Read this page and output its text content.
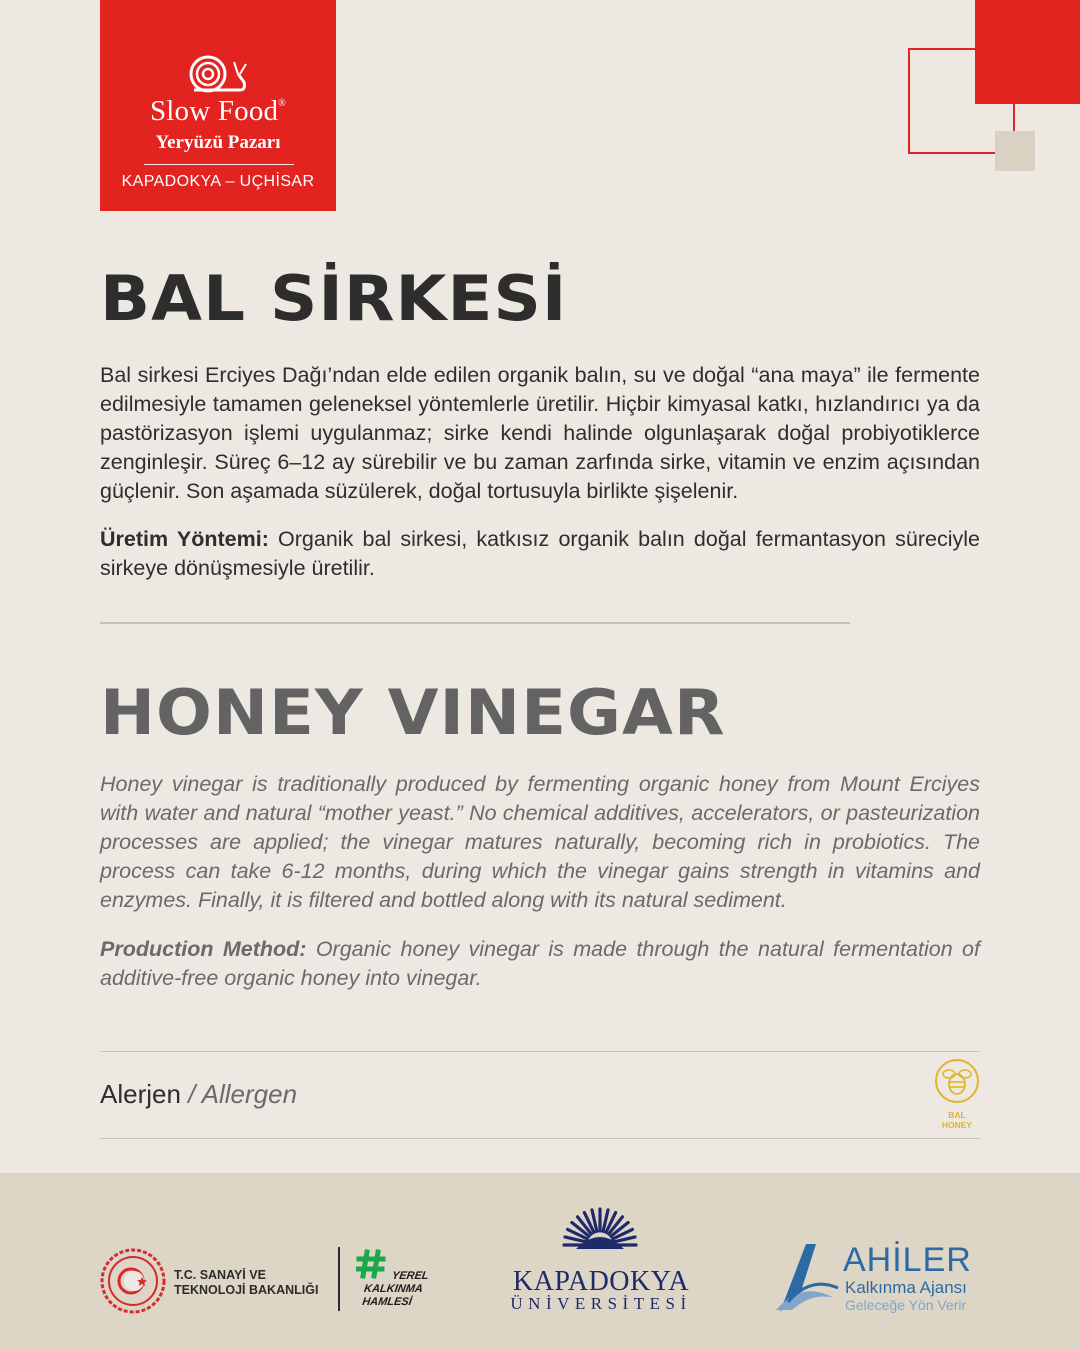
Slow Food®
Yeryüzü Pazarı
KAPADOKYA – UÇHİSAR
BAL SİRKESİ

Bal sirkesi Erciyes Dağı’ndan elde edilen organik balın, su ve doğal “ana maya” ile fermente edilmesiyle tamamen geleneksel yöntemlerle üretilir. Hiçbir kimyasal katkı, hızlandırıcı ya da pastörizasyon işlemi uygulanmaz; sirke kendi halinde olgunlaşarak doğal probiyotiklerce zenginleşir. Süreç 6–12 ay sürebilir ve bu zaman zarfında sirke, vitamin ve enzim açısından güçlenir. Son aşamada süzülerek, doğal tortusuyla birlikte şişelenir.

Üretim Yöntemi: Organik bal sirkesi, katkısız organik balın doğal fermantasyon süreciyle sirkeye dönüşmesiyle üretilir.

HONEY VINEGAR

Honey vinegar is traditionally produced by fermenting organic honey from Mount Erciyes with water and natural “mother yeast.” No chemical additives, accelerators, or pasteurization processes are applied; the vinegar matures naturally, becoming rich in probiotics. The process can take 6-12 months, during which the vinegar gains strength in vitamins and enzymes. Finally, it is filtered and bottled along with its natural sediment.

Production Method: Organic honey vinegar is made through the natural fermentation of additive-free organic honey into vinegar.

Alerjen / Allergen
BAL
HONEY
T.C. SANAYİ VE
TEKNOLOJİ BAKANLIĞI
YEREL
KALKINMA
HAMLESİ
KAPADOKYA
ÜNİVERSİTESİ
AHİLER
Kalkınma Ajansı
Geleceğe Yön Verir
